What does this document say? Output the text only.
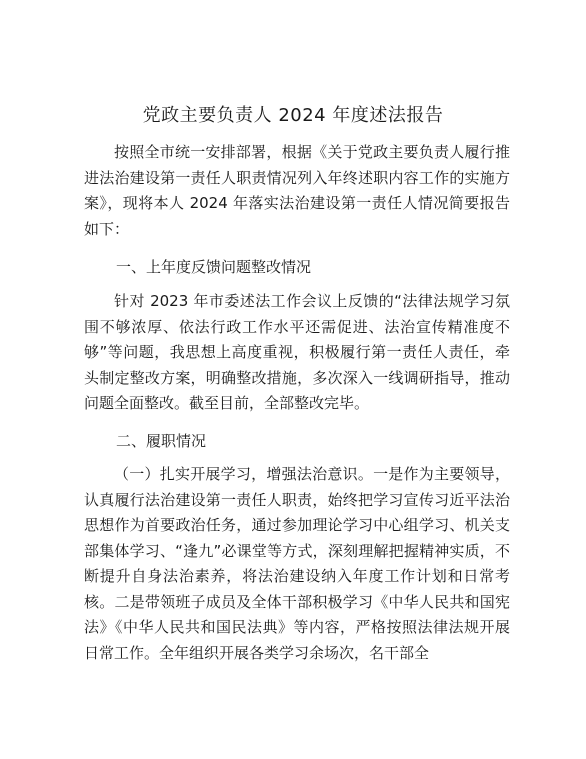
党政主要负责人 2024 年度述法报告

按照全市统一安排部署，根据《关于党政主要负责人履行推进法治建设第一责任人职责情况列入年终述职内容工作的实施方案》，现将本人 2024 年落实法治建设第一责任人情况简要报告如下：

一、上年度反馈问题整改情况

针对 2023 年市委述法工作会议上反馈的“法律法规学习氛围不够浓厚、依法行政工作水平还需促进、法治宣传精准度不够”等问题，我思想上高度重视，积极履行第一责任人责任，牵头制定整改方案，明确整改措施，多次深入一线调研指导，推动问题全面整改。截至目前，全部整改完毕。

二、履职情况

（一）扎实开展学习，增强法治意识。一是作为主要领导，认真履行法治建设第一责任人职责，始终把学习宣传习近平法治思想作为首要政治任务，通过参加理论学习中心组学习、机关支部集体学习、“逢九”必课堂等方式，深刻理解把握精神实质，不断提升自身法治素养，将法治建设纳入年度工作计划和日常考核。二是带领班子成员及全体干部积极学习《中华人民共和国宪法》《中华人民共和国民法典》等内容，严格按照法律法规开展日常工作。全年组织开展各类学习余场次，名干部全
